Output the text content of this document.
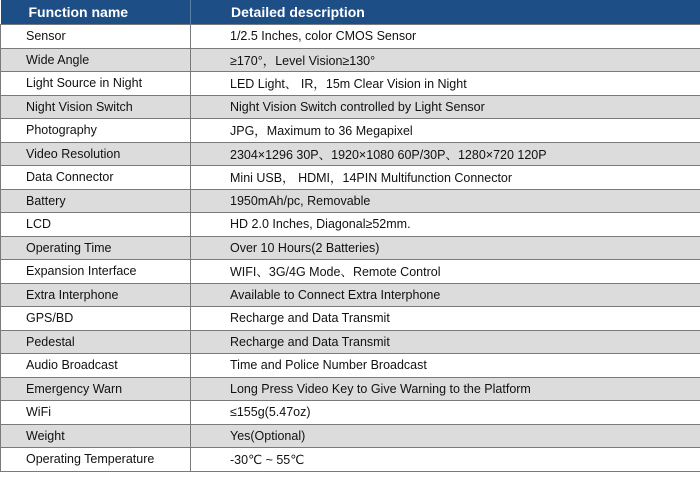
Function name	Detailed description
Sensor	1/2.5 Inches, color CMOS Sensor
Wide Angle	≥170°，Level Vision≥130°
Light Source in Night	LED Light、 IR，15m Clear Vision in Night
Night Vision Switch	Night Vision Switch controlled by Light Sensor
Photography	JPG，Maximum to 36 Megapixel
Video Resolution	2304×1296 30P、1920×1080 60P/30P、1280×720 120P
Data Connector	Mini USB， HDMI，14PIN Multifunction Connector
Battery	1950mAh/pc, Removable
LCD	HD 2.0 Inches, Diagonal≥52mm.
Operating Time	Over 10 Hours(2 Batteries)
Expansion Interface	WIFI、3G/4G Mode、Remote Control
Extra Interphone	Available to Connect Extra Interphone
GPS/BD	Recharge and Data Transmit
Pedestal	Recharge and Data Transmit
Audio Broadcast	Time and Police Number Broadcast
Emergency Warn	Long Press Video Key to Give Warning to the Platform
WiFi	≤155g(5.47oz)
Weight	Yes(Optional)
Operating Temperature	-30℃ ~ 55℃
